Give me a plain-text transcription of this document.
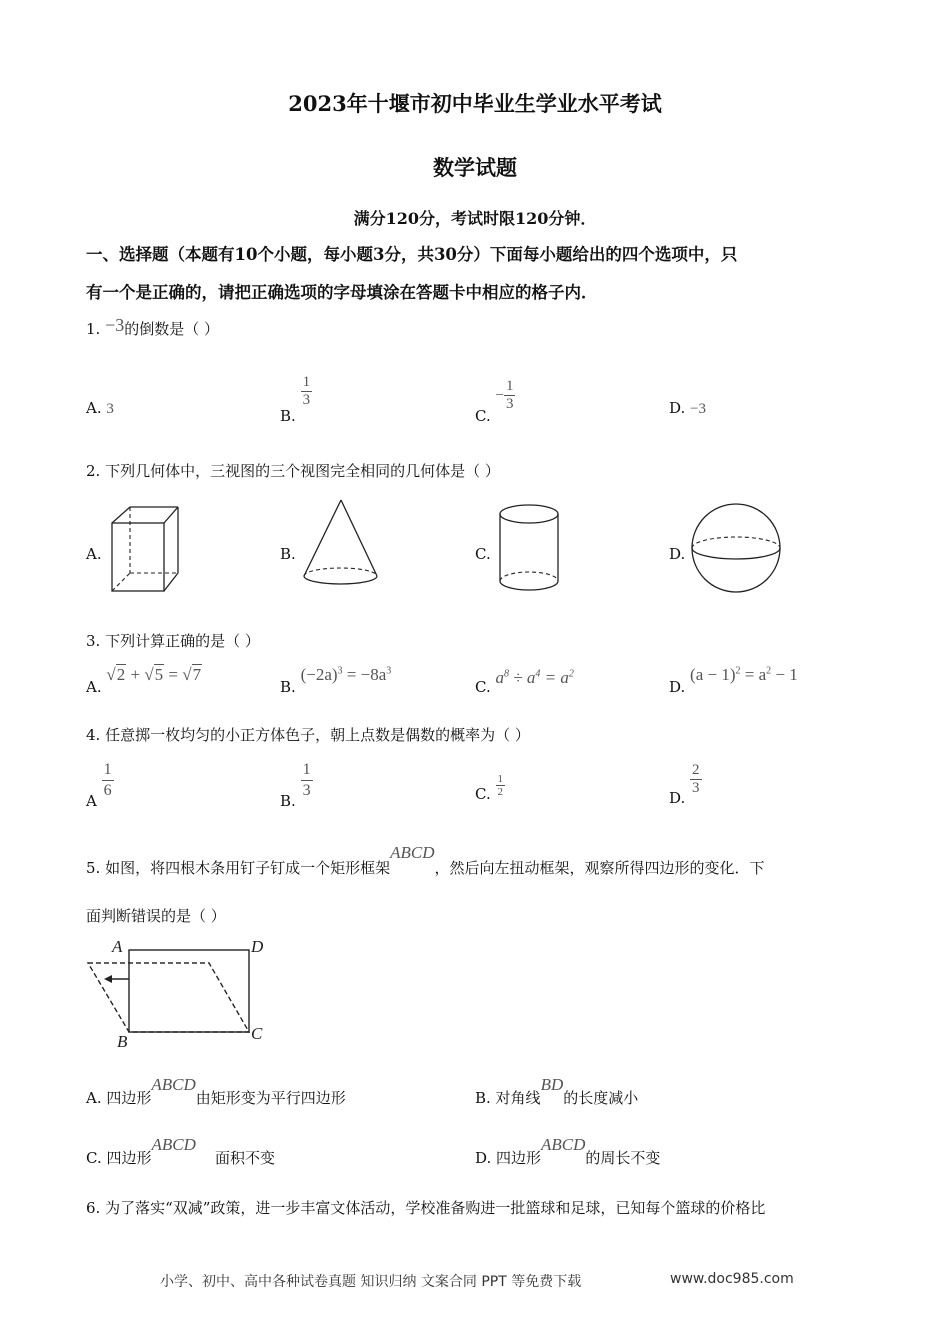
2023年十堰市初中毕业生学业水平考试
数学试题
满分120分，考试时限120分钟．
一、选择题（本题有10个小题，每小题3分，共30分）下面每小题给出的四个选项中，只
有一个是正确的，请把正确选项的字母填涂在答题卡中相应的格子内．
1. −3的倒数是（ ）
A. 3	B.
$\frac{1}{3}$
C. − $\frac{1}{3}$	D. −3
2. 下列几何体中，三视图的三个视图完全相同的几何体是（ ）
A.	B.	C.	D.
3. 下列计算正确的是（ ）
A. √2 + √5 = √7
B. $(-2a)^3 = -8a^3$
C. $a^8 \div a^4 = a^2$
D. $(a - 1)^2 = a^2 - 1$
4. 任意掷一枚均匀的小正方体色子，朝上点数是偶数的概率为（ ）
A $\frac{1}{6}$	B. $\frac{1}{3}$	C. $\frac{1}{2}$	D.
$\frac{2}{3}$
5. 如图，将四根木条用钉子钉成一个矩形框架ABCD，然后向左扭动框架，观察所得四边形的变化．下
面判断错误的是（ ）
A	D
B	C
A. 四边形ABCD由矩形变为平行四边形	B. 对角线BD的长度减小
C. 四边形ABCD    面积不变	D. 四边形ABCD的周长不变
6. 为了落实“双减”政策，进一步丰富文体活动，学校准备购进一批篮球和足球，已知每个篮球的价格比
小学、初中、高中各种试卷真题 知识归纳 文案合同 PPT 等免费下载	www.doc985.com
